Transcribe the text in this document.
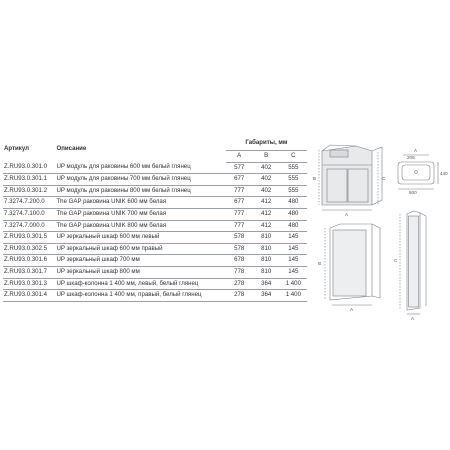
Артикул	Описание	Габариты, мм		
		A	B	C
Z.RU93.0.301.0	UP модуль для раковины 600 мм белый глянец	577	402	555
Z.RU93.0.301.1	UP модуль для раковины 700 мм белый глянец	677	402	555
Z.RU93.0.301.2	UP модуль для раковины 800 мм белый глянец	777	402	555
7.3274.7.200.0	The GAP раковина UNIK 600 мм белая	677	412	480
7.3274.7.100.0	The GAP раковина UNIK 700 мм белая	777	412	480
7.3274.7.000.0	The GAP раковина UNIK 800 мм белая	777	412	480
Z.RU93.0.301.5	UP зеркальный шкаф 600 мм левый	578	810	145
Z.RU93.0.302.5	UP зеркальный шкаф 600 мм правый	578	810	145
Z.RU93.0.301.6	UP зеркальный шкаф 700 мм	678	810	145
Z.RU93.0.301.7	UP зеркальный шкаф 800 мм	778	810	145
Z.RU93.0.301.3	UP шкаф-колонна 1 400 мм, левый, белый глянец	278	364	1 400
Z.RU93.0.301.4	UP шкаф-колонна 1 400 мм, правый, белый глянец	278	364	1 400
B
A
C
A
206
440
500
B
A
C
A
